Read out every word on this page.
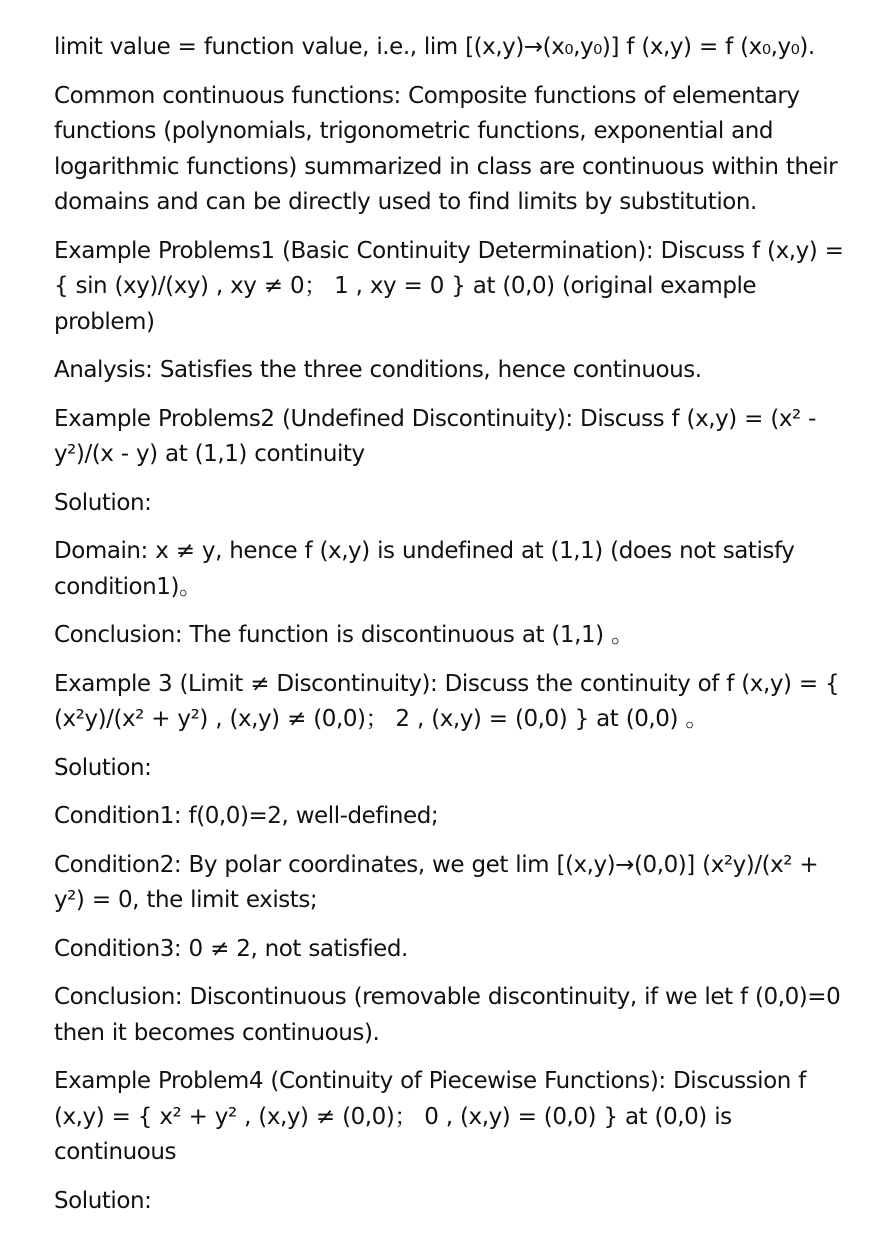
limit value = function value, i.e., lim [(x,y)→(x₀,y₀)] f (x,y) = f (x₀,y₀).

Common continuous functions: Composite functions of elementary functions (polynomials, trigonometric functions, exponential and logarithmic functions) summarized in class are continuous within their domains and can be directly used to find limits by substitution.

Example Problems1 (Basic Continuity Determination): Discuss f (x,y) = { sin (xy)/(xy) , xy ≠ 0； 1 , xy = 0 } at (0,0) (original example problem)

Analysis: Satisfies the three conditions, hence continuous.

Example Problems2 (Undefined Discontinuity): Discuss f (x,y) = (x² - y²)/(x - y) at (1,1) continuity

Solution:

Domain: x ≠ y, hence f (x,y) is undefined at (1,1) (does not satisfy condition1)。

Conclusion: The function is discontinuous at (1,1) 。

Example 3 (Limit ≠ Discontinuity): Discuss the continuity of f (x,y) = { (x²y)/(x² + y²) , (x,y) ≠ (0,0)； 2 , (x,y) = (0,0) } at (0,0) 。

Solution:

Condition1: f(0,0)=2, well-defined;

Condition2: By polar coordinates, we get lim [(x,y)→(0,0)] (x²y)/(x² + y²) = 0, the limit exists;

Condition3: 0 ≠ 2, not satisfied.

Conclusion: Discontinuous (removable discontinuity, if we let f (0,0)=0 then it becomes continuous).

Example Problem4 (Continuity of Piecewise Functions): Discussion f (x,y) = { x² + y² , (x,y) ≠ (0,0)； 0 , (x,y) = (0,0) } at (0,0) is continuous

Solution:
